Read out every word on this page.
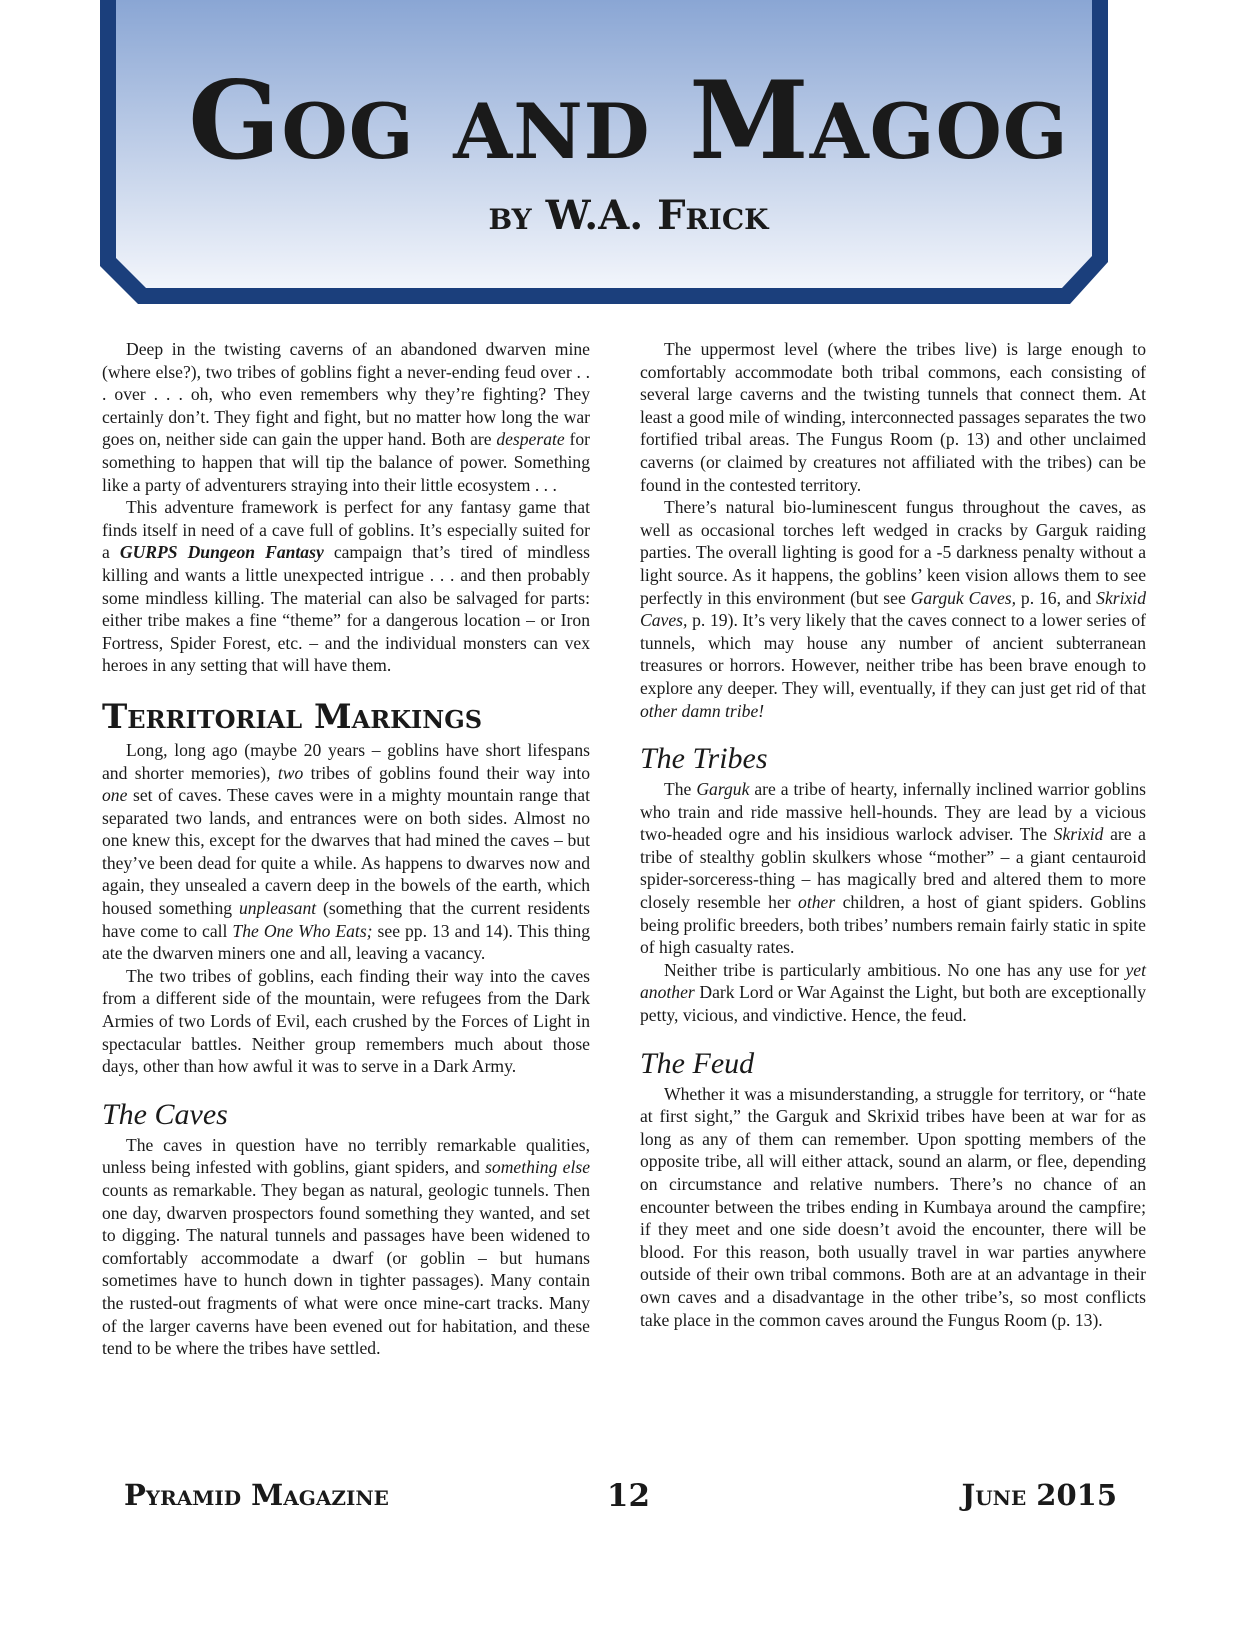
Gog and Magog
by W.A. Frick

Deep in the twisting caverns of an abandoned dwarven mine (where else?), two tribes of goblins fight a never-ending feud over . . . over . . . oh, who even remembers why they’re fighting? They certainly don’t. They fight and fight, but no matter how long the war goes on, neither side can gain the upper hand. Both are desperate for something to happen that will tip the balance of power. Something like a party of adventurers straying into their little ecosystem . . .

This adventure framework is perfect for any fantasy game that finds itself in need of a cave full of goblins. It’s especially suited for a GURPS Dungeon Fantasy campaign that’s tired of mindless killing and wants a little unexpected intrigue . . . and then probably some mindless killing. The material can also be salvaged for parts: either tribe makes a fine “theme” for a dangerous location – or Iron Fortress, Spider Forest, etc. – and the individual monsters can vex heroes in any setting that will have them.

Territorial Markings

Long, long ago (maybe 20 years – goblins have short lifespans and shorter memories), two tribes of goblins found their way into one set of caves. These caves were in a mighty mountain range that separated two lands, and entrances were on both sides. Almost no one knew this, except for the dwarves that had mined the caves – but they’ve been dead for quite a while. As happens to dwarves now and again, they unsealed a cavern deep in the bowels of the earth, which housed something unpleasant (something that the current residents have come to call The One Who Eats; see pp. 13 and 14). This thing ate the dwarven miners one and all, leaving a vacancy.

The two tribes of goblins, each finding their way into the caves from a different side of the mountain, were refugees from the Dark Armies of two Lords of Evil, each crushed by the Forces of Light in spectacular battles. Neither group remembers much about those days, other than how awful it was to serve in a Dark Army.

The Caves

The caves in question have no terribly remarkable qualities, unless being infested with goblins, giant spiders, and something else counts as remarkable. They began as natural, geologic tunnels. Then one day, dwarven prospectors found something they wanted, and set to digging. The natural tunnels and passages have been widened to comfortably accommodate a dwarf (or goblin – but humans sometimes have to hunch down in tighter passages). Many contain the rusted-out fragments of what were once mine-cart tracks. Many of the larger caverns have been evened out for habitation, and these tend to be where the tribes have settled.

The uppermost level (where the tribes live) is large enough to comfortably accommodate both tribal commons, each consisting of several large caverns and the twisting tunnels that connect them. At least a good mile of winding, interconnected passages separates the two fortified tribal areas. The Fungus Room (p. 13) and other unclaimed caverns (or claimed by creatures not affiliated with the tribes) can be found in the contested territory.

There’s natural bio-luminescent fungus throughout the caves, as well as occasional torches left wedged in cracks by Garguk raiding parties. The overall lighting is good for a -5 darkness penalty without a light source. As it happens, the goblins’ keen vision allows them to see perfectly in this environment (but see Garguk Caves, p. 16, and Skrixid Caves, p. 19). It’s very likely that the caves connect to a lower series of tunnels, which may house any number of ancient subterranean treasures or horrors. However, neither tribe has been brave enough to explore any deeper. They will, eventually, if they can just get rid of that other damn tribe!

The Tribes

The Garguk are a tribe of hearty, infernally inclined warrior goblins who train and ride massive hell-hounds. They are lead by a vicious two-headed ogre and his insidious warlock adviser. The Skrixid are a tribe of stealthy goblin skulkers whose “mother” – a giant centauroid spider-sorceress-thing – has magically bred and altered them to more closely resemble her other children, a host of giant spiders. Goblins being prolific breeders, both tribes’ numbers remain fairly static in spite of high casualty rates.

Neither tribe is particularly ambitious. No one has any use for yet another Dark Lord or War Against the Light, but both are exceptionally petty, vicious, and vindictive. Hence, the feud.

The Feud

Whether it was a misunderstanding, a struggle for territory, or “hate at first sight,” the Garguk and Skrixid tribes have been at war for as long as any of them can remember. Upon spotting members of the opposite tribe, all will either attack, sound an alarm, or flee, depending on circumstance and relative numbers. There’s no chance of an encounter between the tribes ending in Kumbaya around the campfire; if they meet and one side doesn’t avoid the encounter, there will be blood. For this reason, both usually travel in war parties anywhere outside of their own tribal commons. Both are at an advantage in their own caves and a disadvantage in the other tribe’s, so most conflicts take place in the common caves around the Fungus Room (p. 13).

Pyramid Magazine	12	June 2015
